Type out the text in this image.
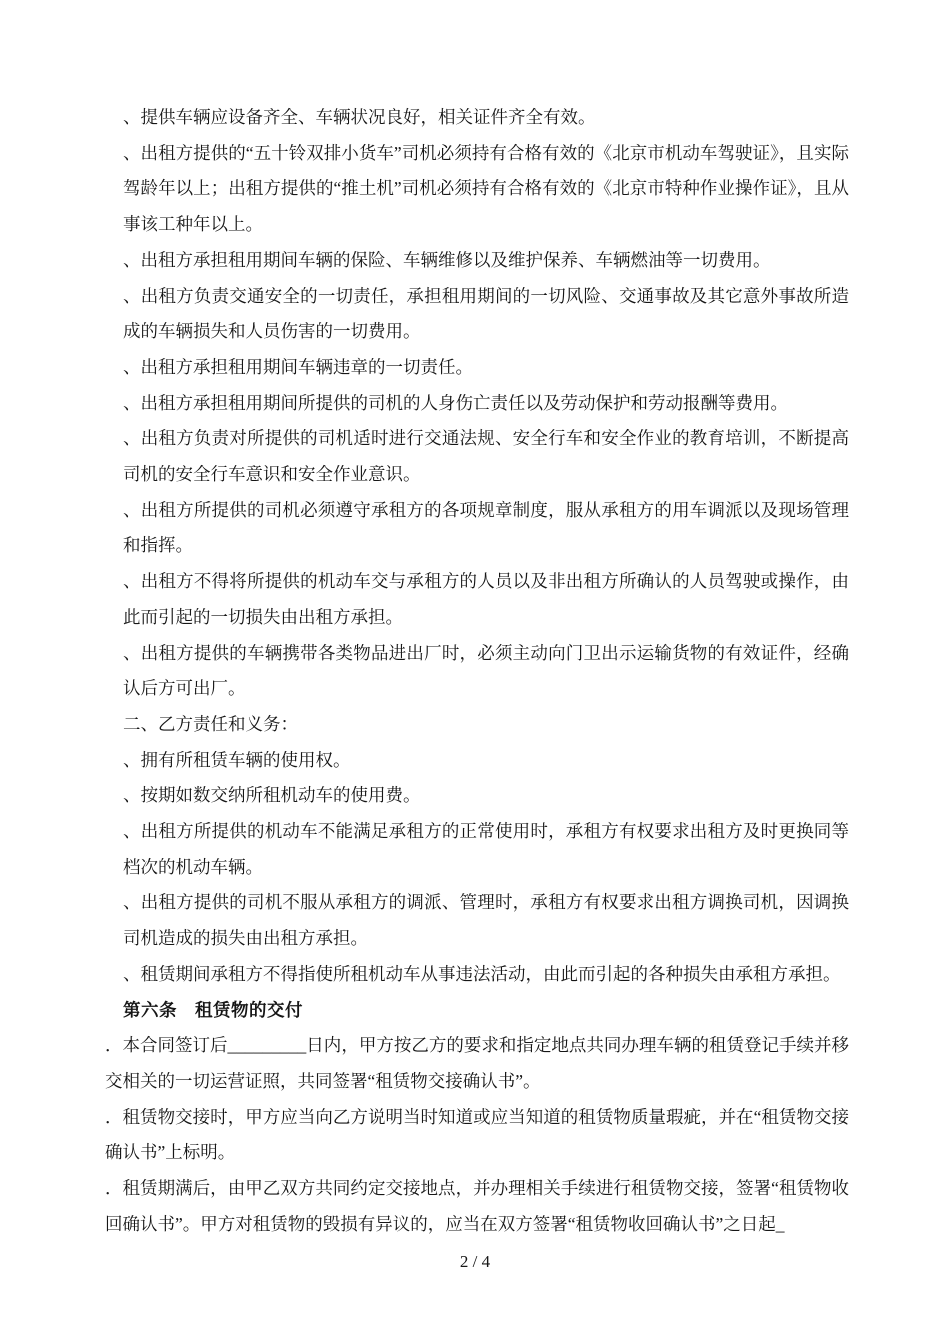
、提供车辆应设备齐全、车辆状况良好，相关证件齐全有效。

、出租方提供的“五十铃双排小货车”司机必须持有合格有效的《北京市机动车驾驶证》，且实际驾龄年以上；出租方提供的“推土机”司机必须持有合格有效的《北京市特种作业操作证》，且从事该工种年以上。

、出租方承担租用期间车辆的保险、车辆维修以及维护保养、车辆燃油等一切费用。

、出租方负责交通安全的一切责任，承担租用期间的一切风险、交通事故及其它意外事故所造成的车辆损失和人员伤害的一切费用。

、出租方承担租用期间车辆违章的一切责任。

、出租方承担租用期间所提供的司机的人身伤亡责任以及劳动保护和劳动报酬等费用。

、出租方负责对所提供的司机适时进行交通法规、安全行车和安全作业的教育培训，不断提高司机的安全行车意识和安全作业意识。

、出租方所提供的司机必须遵守承租方的各项规章制度，服从承租方的用车调派以及现场管理和指挥。

、出租方不得将所提供的机动车交与承租方的人员以及非出租方所确认的人员驾驶或操作，由此而引起的一切损失由出租方承担。

、出租方提供的车辆携带各类物品进出厂时，必须主动向门卫出示运输货物的有效证件，经确认后方可出厂。

二、乙方责任和义务：

、拥有所租赁车辆的使用权。

、按期如数交纳所租机动车的使用费。

、出租方所提供的机动车不能满足承租方的正常使用时，承租方有权要求出租方及时更换同等档次的机动车辆。

、出租方提供的司机不服从承租方的调派、管理时，承租方有权要求出租方调换司机，因调换司机造成的损失由出租方承担。

、租赁期间承租方不得指使所租机动车从事违法活动，由此而引起的各种损失由承租方承担。

第六条　租赁物的交付

．本合同签订后_________日内，甲方按乙方的要求和指定地点共同办理车辆的租赁登记手续并移交相关的一切运营证照，共同签署“租赁物交接确认书”。

．租赁物交接时，甲方应当向乙方说明当时知道或应当知道的租赁物质量瑕疵，并在“租赁物交接确认书”上标明。

．租赁期满后，由甲乙双方共同约定交接地点，并办理相关手续进行租赁物交接，签署“租赁物收回确认书”。甲方对租赁物的毁损有异议的，应当在双方签署“租赁物收回确认书”之日起_

2 / 4
